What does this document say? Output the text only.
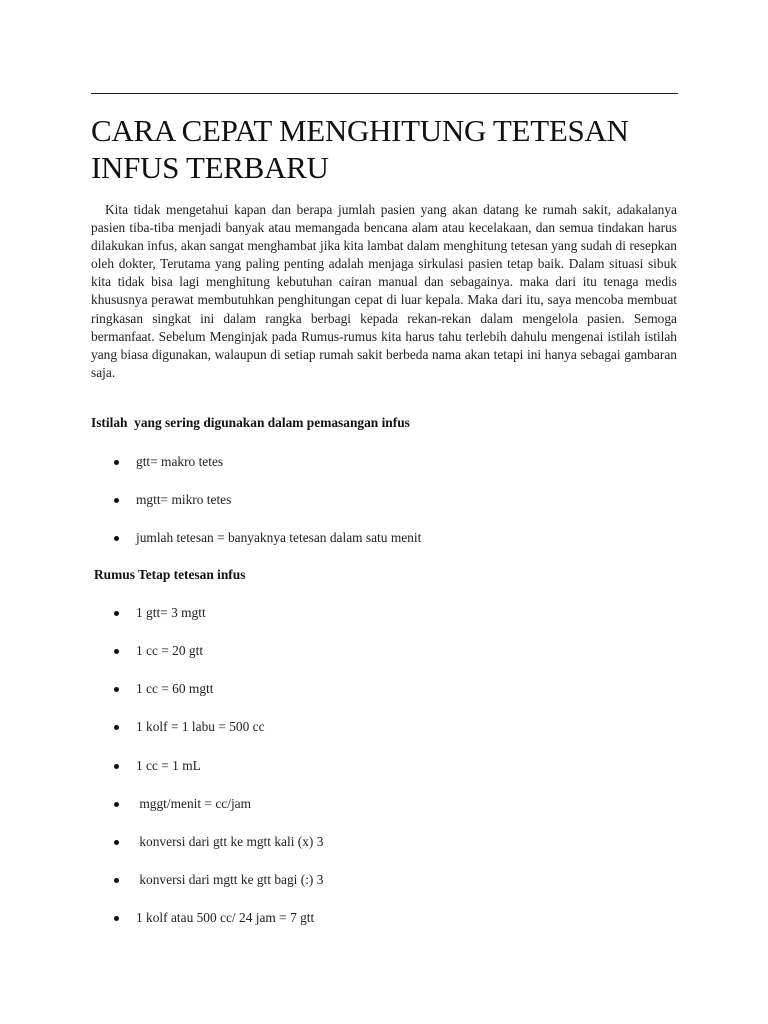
CARA CEPAT MENGHITUNG TETESAN INFUS TERBARU

Kita tidak mengetahui kapan dan berapa jumlah pasien yang akan datang ke rumah sakit, adakalanya pasien tiba-tiba menjadi banyak atau memangada bencana alam atau kecelakaan, dan semua tindakan harus dilakukan infus, akan sangat menghambat jika kita lambat dalam menghitung tetesan yang sudah di resepkan oleh dokter, Terutama yang paling penting adalah menjaga sirkulasi pasien tetap baik. Dalam situasi sibuk kita tidak bisa lagi menghitung kebutuhan cairan manual dan sebagainya. maka dari itu tenaga medis khususnya perawat membutuhkan penghitungan cepat di luar kepala. Maka dari itu, saya mencoba membuat ringkasan singkat ini dalam rangka berbagi kepada rekan-rekan dalam mengelola pasien. Semoga bermanfaat. Sebelum Menginjak pada Rumus-rumus kita harus tahu terlebih dahulu mengenai istilah istilah yang biasa digunakan, walaupun di setiap rumah sakit berbeda nama akan tetapi ini hanya sebagai gambaran saja.

Istilah  yang sering digunakan dalam pemasangan infus
gtt= makro tetes
mgtt= mikro tetes
jumlah tetesan = banyaknya tetesan dalam satu menit
Rumus Tetap tetesan infus
1 gtt= 3 mgtt
1 cc = 20 gtt
1 cc = 60 mgtt
1 kolf = 1 labu = 500 cc
1 cc = 1 mL
mggt/menit = cc/jam
konversi dari gtt ke mgtt kali (x) 3
konversi dari mgtt ke gtt bagi (:) 3
1 kolf atau 500 cc/ 24 jam = 7 gtt
